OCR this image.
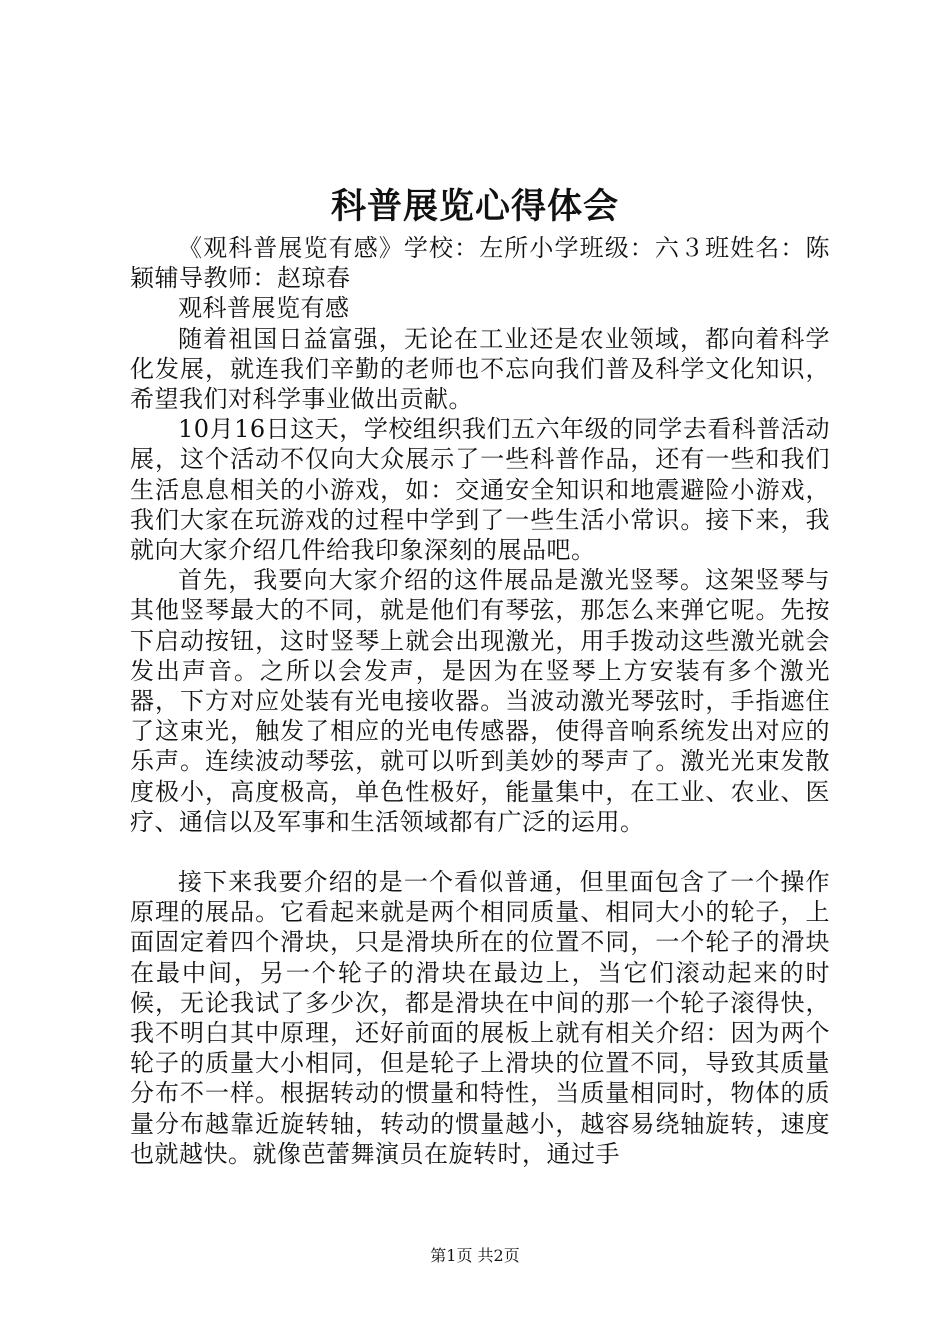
科普展览心得体会

《观科普展览有感》学校：左所小学班级：六３班姓名：陈颖辅导教师：赵琼春

观科普展览有感

随着祖国日益富强，无论在工业还是农业领域，都向着科学化发展，就连我们辛勤的老师也不忘向我们普及科学文化知识，希望我们对科学事业做出贡献。

10月16日这天，学校组织我们五六年级的同学去看科普活动展，这个活动不仅向大众展示了一些科普作品，还有一些和我们生活息息相关的小游戏，如：交通安全知识和地震避险小游戏，我们大家在玩游戏的过程中学到了一些生活小常识。接下来，我就向大家介绍几件给我印象深刻的展品吧。

首先，我要向大家介绍的这件展品是激光竖琴。这架竖琴与其他竖琴最大的不同，就是他们有琴弦，那怎么来弹它呢。先按下启动按钮，这时竖琴上就会出现激光，用手拨动这些激光就会发出声音。之所以会发声，是因为在竖琴上方安装有多个激光器，下方对应处装有光电接收器。当波动激光琴弦时，手指遮住了这束光，触发了相应的光电传感器，使得音响系统发出对应的乐声。连续波动琴弦，就可以听到美妙的琴声了。激光光束发散度极小，高度极高，单色性极好，能量集中，在工业、农业、医疗、通信以及军事和生活领域都有广泛的运用。

接下来我要介绍的是一个看似普通，但里面包含了一个操作原理的展品。它看起来就是两个相同质量、相同大小的轮子，上面固定着四个滑块，只是滑块所在的位置不同，一个轮子的滑块在最中间，另一个轮子的滑块在最边上，当它们滚动起来的时候，无论我试了多少次，都是滑块在中间的那一个轮子滚得快，我不明白其中原理，还好前面的展板上就有相关介绍：因为两个轮子的质量大小相同，但是轮子上滑块的位置不同，导致其质量分布不一样。根据转动的惯量和特性，当质量相同时，物体的质量分布越靠近旋转轴，转动的惯量越小，越容易绕轴旋转，速度也就越快。就像芭蕾舞演员在旋转时，通过手

第1页 共2页
